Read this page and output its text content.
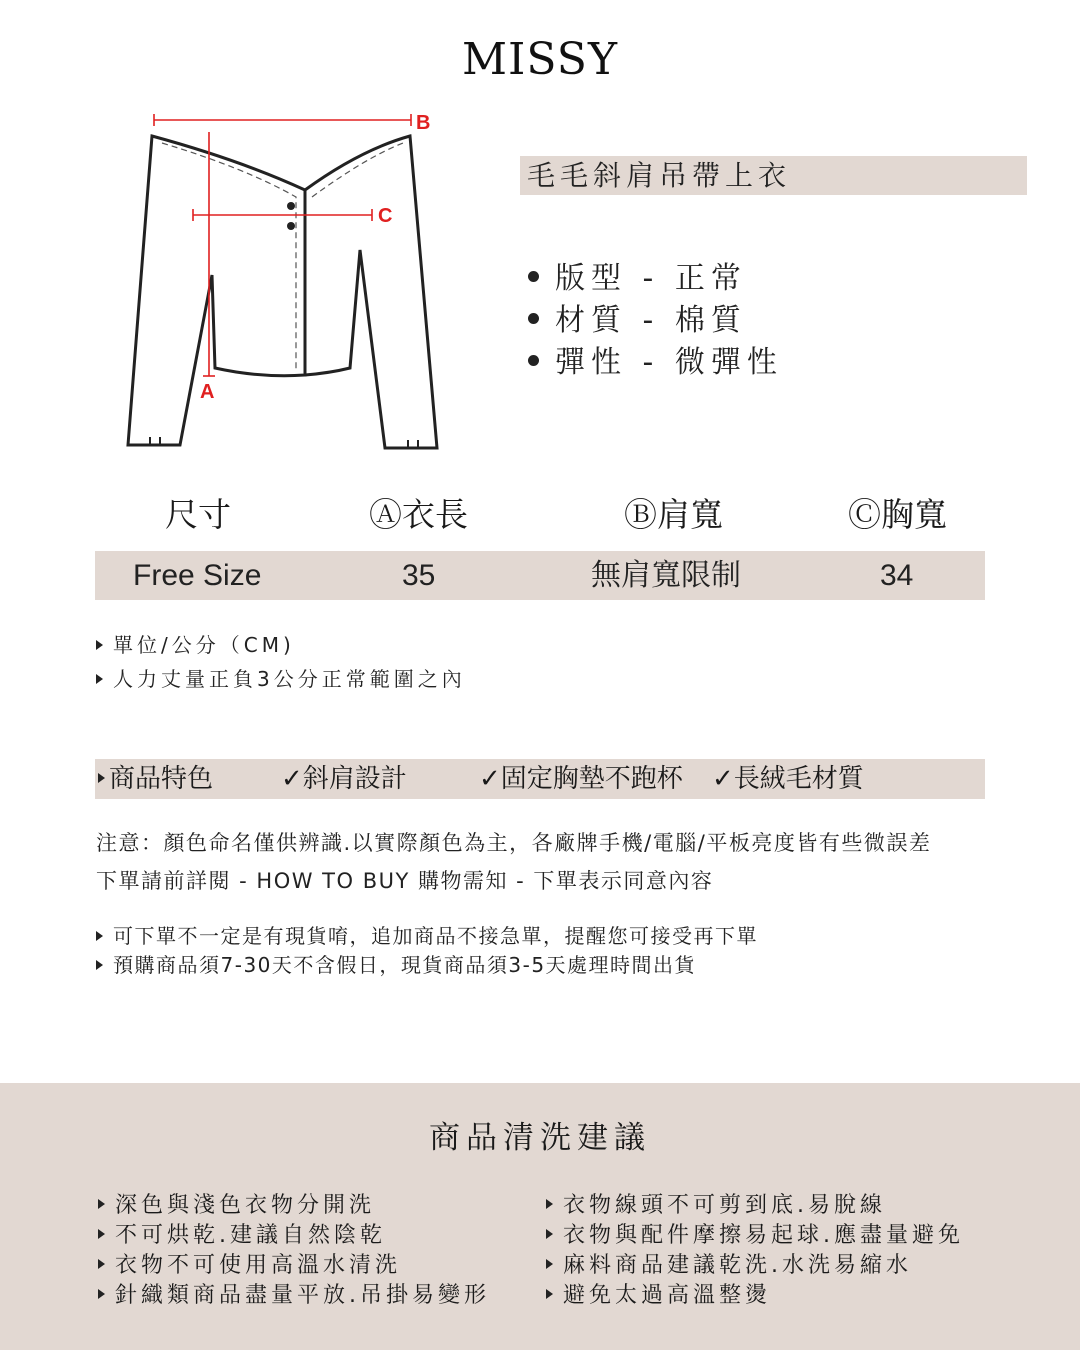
MISSY
B
C
A
毛毛斜肩吊帶上衣
版型 - 正常
材質 - 棉質
彈性 - 微彈性
尺寸	Ⓐ衣長	Ⓑ肩寬	Ⓒ胸寬
Free Size	35	無肩寬限制	34
單位/公分（CM)
人力丈量正負3公分正常範圍之內
商品特色	✓斜肩設計	✓固定胸墊不跑杯 ✓長絨毛材質
注意：顏色命名僅供辨識.以實際顏色為主，各廠牌手機/電腦/平板亮度皆有些微誤差
下單請前詳閱 - HOW TO BUY 購物需知 - 下單表示同意內容
可下單不一定是有現貨唷，追加商品不接急單，提醒您可接受再下單
預購商品須7-30天不含假日，現貨商品須3-5天處理時間出貨
商品清洗建議
深色與淺色衣物分開洗
不可烘乾.建議自然陰乾
衣物不可使用高溫水清洗
針織類商品盡量平放.吊掛易變形
衣物線頭不可剪到底.易脫線
衣物與配件摩擦易起球.應盡量避免
麻料商品建議乾洗.水洗易縮水
避免太過高溫整燙
